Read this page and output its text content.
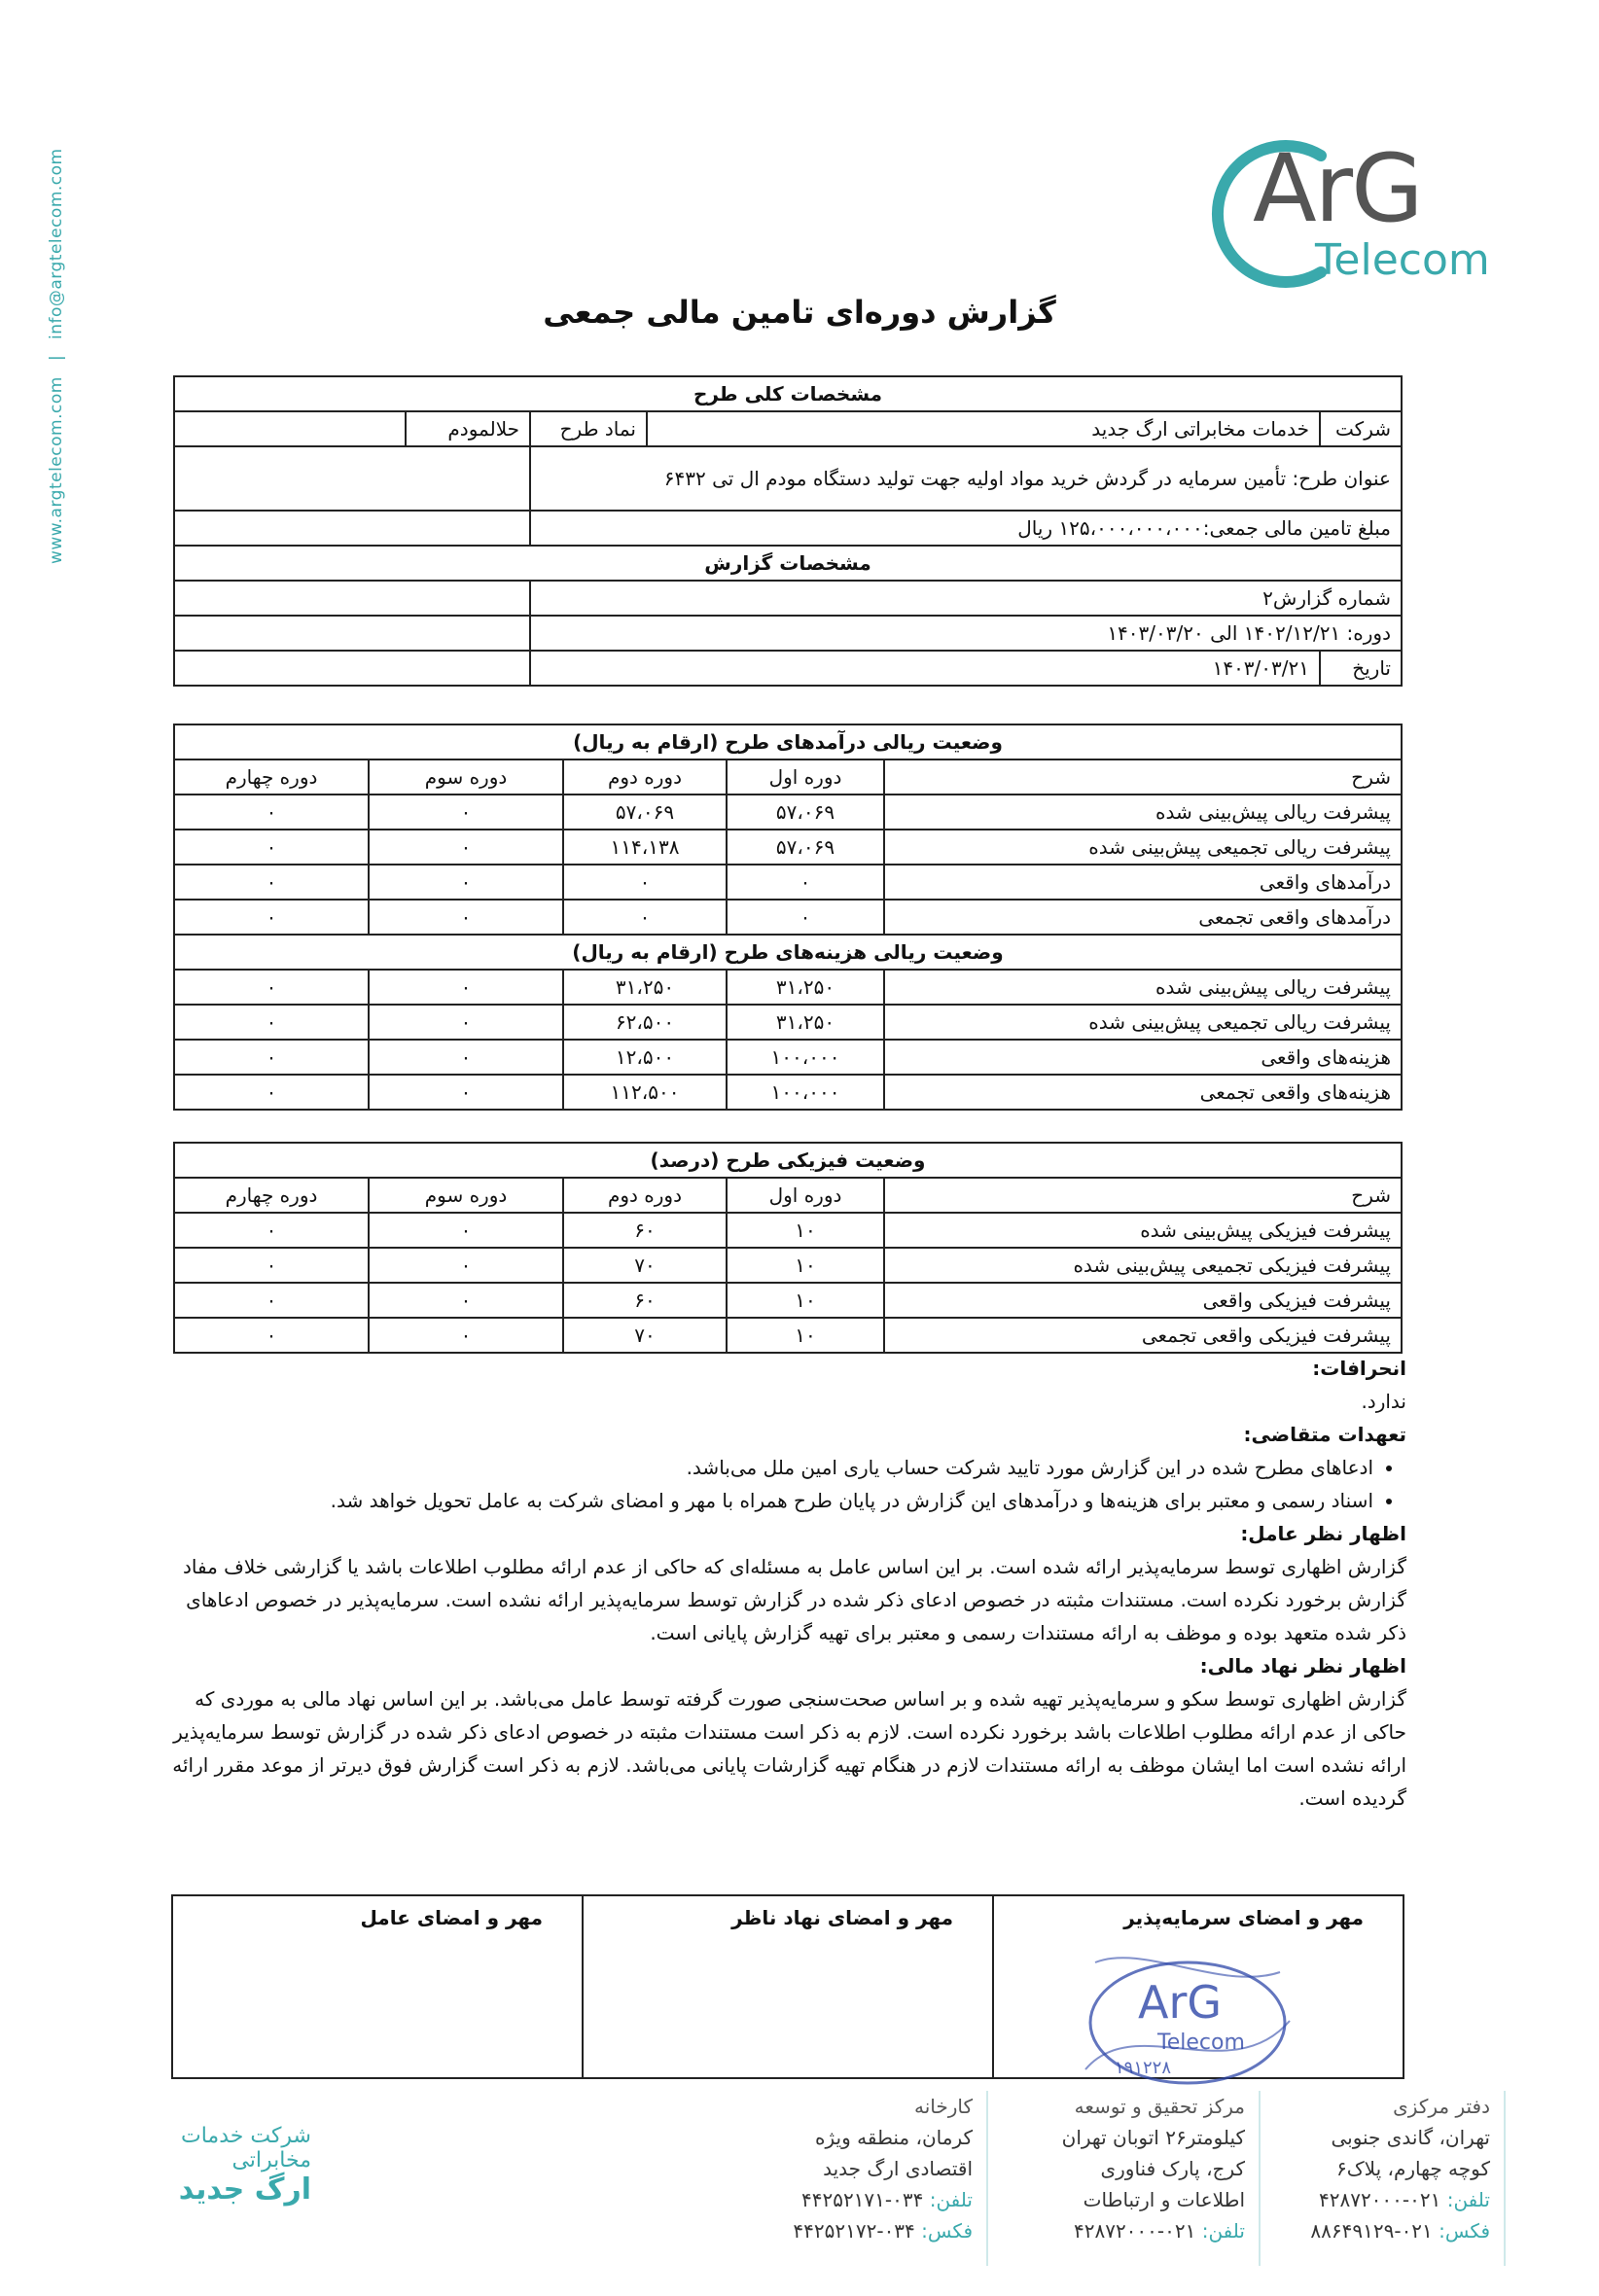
www.argtelecom.com
|
info@argtelecom.com	ArG
Telecom
گزارش دوره‌ای تامین مالی جمعی
مشخصات کلی طرح				
شرکت	خدمات مخابراتی ارگ جدید	نماد طرح	حلالمودم	
عنوان طرح: تأمین سرمایه در گردش خرید مواد اولیه جهت تولید دستگاه مودم ال تی ۶۴۳۲				
مبلغ تامین مالی جمعی:۱۲۵،۰۰۰،۰۰۰،۰۰۰ ریال				
مشخصات گزارش				
شماره گزارش۲				
دوره: ۱۴۰۲/۱۲/۲۱ الی ۱۴۰۳/۰۳/۲۰				
تاریخ	۱۴۰۳/۰۳/۲۱			
وضعیت ریالی درآمدهای طرح (ارقام به ریال)				
شرح	دوره اول	دوره دوم	دوره سوم	دوره چهارم
پیشرفت ریالی پیش‌بینی شده	۵۷،۰۶۹	۵۷،۰۶۹	۰	۰
پیشرفت ریالی تجمیعی پیش‌بینی شده	۵۷،۰۶۹	۱۱۴،۱۳۸	۰	۰
درآمدهای واقعی	۰	۰	۰	۰
درآمدهای واقعی تجمعی	۰	۰	۰	۰
وضعیت ریالی هزینه‌های طرح (ارقام به ریال)				
پیشرفت ریالی پیش‌بینی شده	۳۱،۲۵۰	۳۱،۲۵۰	۰	۰
پیشرفت ریالی تجمیعی پیش‌بینی شده	۳۱،۲۵۰	۶۲،۵۰۰	۰	۰
هزینه‌های واقعی	۱۰۰،۰۰۰	۱۲،۵۰۰	۰	۰
هزینه‌های واقعی تجمعی	۱۰۰،۰۰۰	۱۱۲،۵۰۰	۰	۰
وضعیت فیزیکی طرح (درصد)				
شرح	دوره اول	دوره دوم	دوره سوم	دوره چهارم
پیشرفت فیزیکی پیش‌بینی شده	۱۰	۶۰	۰	۰
پیشرفت فیزیکی تجمیعی پیش‌بینی شده	۱۰	۷۰	۰	۰
پیشرفت فیزیکی واقعی	۱۰	۶۰	۰	۰
پیشرفت فیزیکی واقعی تجمعی	۱۰	۷۰	۰	۰
انحرافات:

ندارد.

تعهدات متقاضی:
• ادعاهای مطرح شده در این گزارش مورد تایید شرکت حساب یاری امین ملل می‌باشد.
• اسناد رسمی و معتبر برای هزینه‌ها و درآمدهای این گزارش در پایان طرح همراه با مهر و امضای شرکت به عامل تحویل خواهد شد.
اظهار نظر عامل:

گزارش اظهاری توسط سرمایه‌پذیر ارائه شده است. بر این اساس عامل به مسئله‌ای که حاکی از عدم ارائه مطلوب اطلاعات باشد یا گزارشی خلاف مفاد گزارش برخورد نکرده است. مستندات مثبته در خصوص ادعای ذکر شده در گزارش توسط سرمایه‌پذیر ارائه نشده است. سرمایه‌پذیر در خصوص ادعاهای ذکر شده متعهد بوده و موظف به ارائه مستندات رسمی و معتبر برای تهیه گزارش پایانی است.

اظهار نظر نهاد مالی:

گزارش اظهاری توسط سکو و سرمایه‌پذیر تهیه شده و بر اساس صحت‌سنجی صورت گرفته توسط عامل می‌باشد. بر این اساس نهاد مالی به موردی که حاکی از عدم ارائه مطلوب اطلاعات باشد برخورد نکرده است. لازم به ذکر است مستندات مثبته در خصوص ادعای ذکر شده در گزارش توسط سرمایه‌پذیر ارائه نشده است اما ایشان موظف به ارائه مستندات لازم در هنگام تهیه گزارشات پایانی می‌باشد. لازم به ذکر است گزارش فوق دیرتر از موعد مقرر ارائه گردیده است.

مهر و امضای سرمایه‌پذیر
مهر و امضای نهاد ناظر
مهر و امضای عامل
ArG
Telecom
۱۹۱۲۲۸
شرکت خدمات مخابراتی
ارگ جدید
کارخانه
کرمان، منطقه ویژه
اقتصادی ارگ جدید
تلفن: ۰۳۴-۴۴۲۵۲۱۷۱
فکس: ۰۳۴-۴۴۲۵۲۱۷۲
مرکز تحقیق و توسعه
کیلومتر۲۶ اتوبان تهران
کرج، پارک فناوری
اطلاعات و ارتباطات
تلفن: ۰۲۱-۴۲۸۷۲۰۰۰
دفتر مرکزی
تهران، گاندی جنوبی
کوچه چهارم، پلاک۶
تلفن: ۰۲۱-۴۲۸۷۲۰۰۰
فکس: ۰۲۱-۸۸۶۴۹۱۲۹
